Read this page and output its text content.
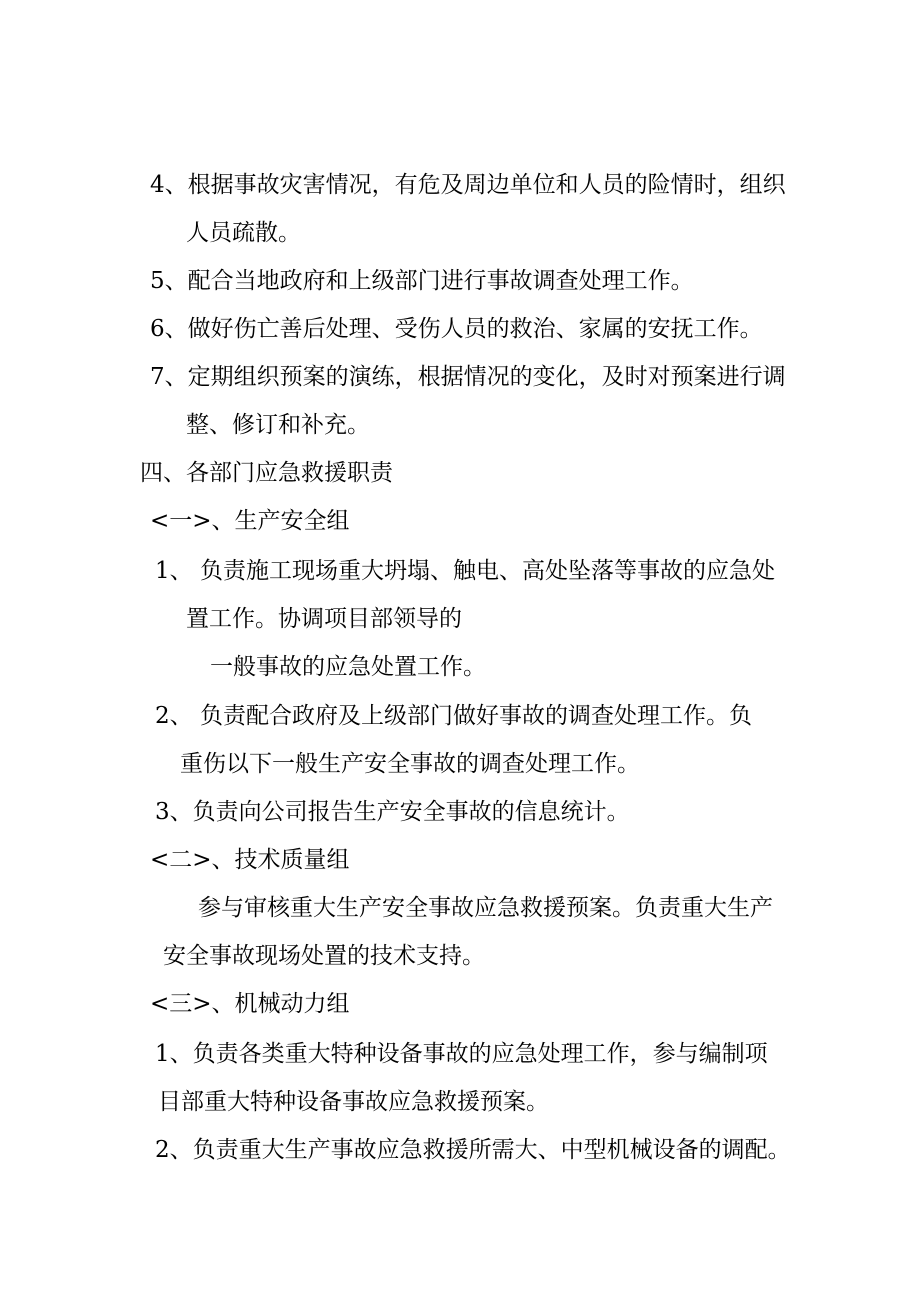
4、根据事故灾害情况，有危及周边单位和人员的险情时，组织
人员疏散。
5、配合当地政府和上级部门进行事故调查处理工作。
6、做好伤亡善后处理、受伤人员的救治、家属的安抚工作。
7、定期组织预案的演练，根据情况的变化，及时对预案进行调
整、修订和补充。
四、各部门应急救援职责
<一>、生产安全组
1、 负责施工现场重大坍塌、触电、高处坠落等事故的应急处
置工作。协调项目部领导的
一般事故的应急处置工作。
2、 负责配合政府及上级部门做好事故的调查处理工作。负
重伤以下一般生产安全事故的调查处理工作。
3、负责向公司报告生产安全事故的信息统计。
<二>、技术质量组
参与审核重大生产安全事故应急救援预案。负责重大生产
安全事故现场处置的技术支持。
<三>、机械动力组
1、负责各类重大特种设备事故的应急处理工作，参与编制项
目部重大特种设备事故应急救援预案。
2、负责重大生产事故应急救援所需大、中型机械设备的调配。
